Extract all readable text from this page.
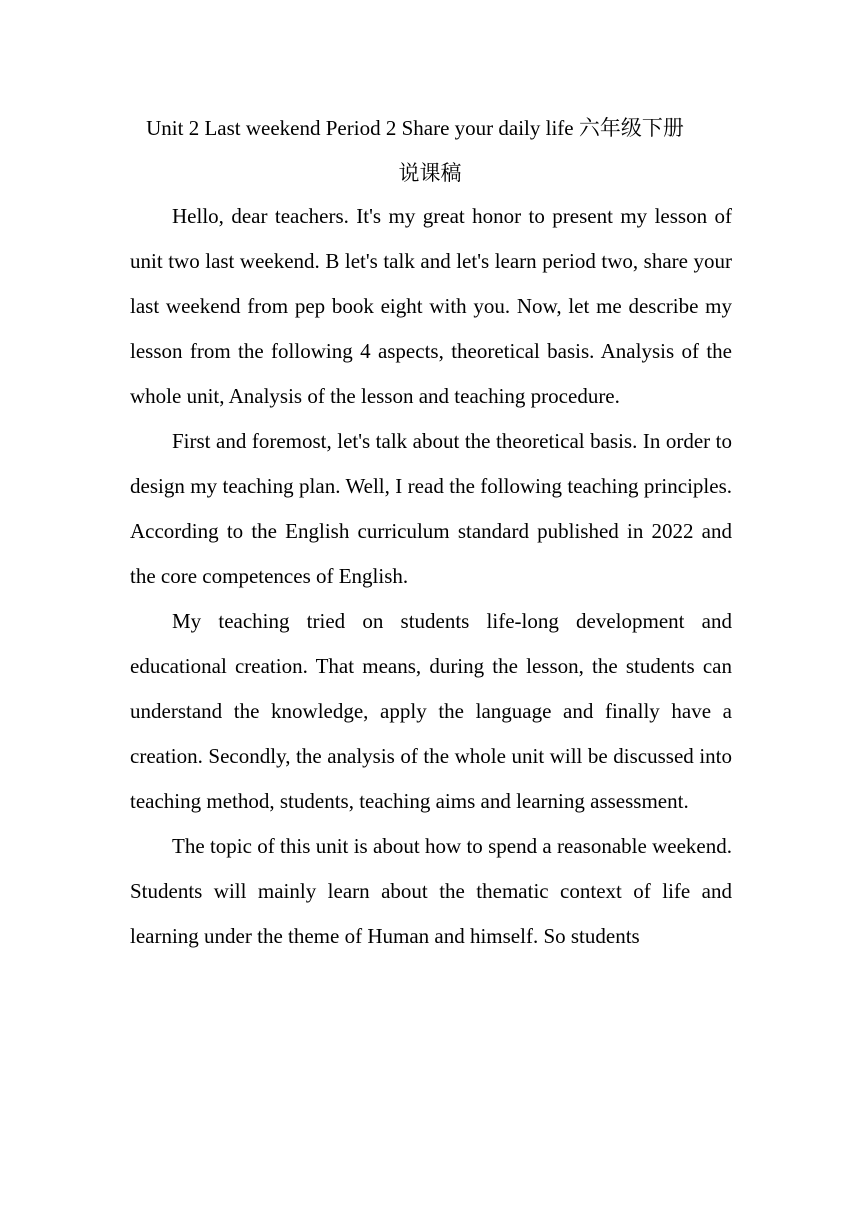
Unit 2 Last weekend Period 2 Share your daily life 六年级下册
说课稿

Hello, dear teachers. It's my great honor to present my lesson of unit two last weekend. B let's talk and let's learn period two, share your last weekend from pep book eight with you. Now, let me describe my lesson from the following 4 aspects, theoretical basis. Analysis of the whole unit, Analysis of the lesson and teaching procedure.

First and foremost, let's talk about the theoretical basis. In order to design my teaching plan. Well, I read the following teaching principles. According to the English curriculum standard published in 2022 and the core competences of English.

My teaching tried on students life-long development and educational creation. That means, during the lesson, the students can understand the knowledge, apply the language and finally have a creation. Secondly, the analysis of the whole unit will be discussed into teaching method, students, teaching aims and learning assessment.

The topic of this unit is about how to spend a reasonable weekend. Students will mainly learn about the thematic context of life and learning under the theme of Human and himself. So students
